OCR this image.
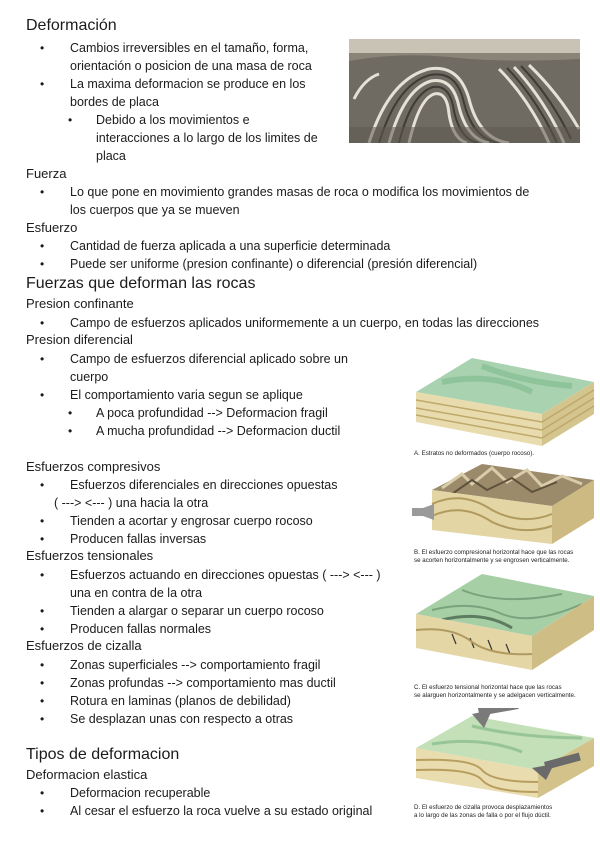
Deformación
• Cambios irreversibles en el tamaño, forma,
orientación o posicion de una masa de roca
• La maxima deformacion se produce en los
bordes de placa
• Debido a los movimientos e
interacciones a lo largo de los limites de
placa
Fuerza
• Lo que pone en movimiento grandes masas de roca o modifica los movimientos de
los cuerpos que ya se mueven
Esfuerzo
• Cantidad de fuerza aplicada a una superficie determinada
• Puede ser uniforme (presion confinante) o diferencial (presión diferencial)
Fuerzas que deforman las rocas
Presion confinante
• Campo de esfuerzos aplicados uniformemente a un cuerpo, en todas las direcciones
Presion diferencial
• Campo de esfuerzos diferencial aplicado sobre un
cuerpo
• El comportamiento varia segun se aplique
• A poca profundidad --> Deformacion fragil
• A mucha profundidad --> Deformacion ductil
Esfuerzos compresivos
• Esfuerzos diferenciales en direcciones opuestas
( ---> <--- ) una hacia la otra
• Tienden a acortar y engrosar cuerpo rocoso
• Producen fallas inversas
Esfuerzos tensionales
• Esfuerzos actuando en direcciones opuestas ( ---> <--- )
una en contra de la otra
• Tienden a alargar o separar un cuerpo rocoso
• Producen fallas normales
Esfuerzos de cizalla
• Zonas superficiales --> comportamiento fragil
• Zonas profundas --> comportamiento mas ductil
• Rotura en laminas (planos de debilidad)
• Se desplazan unas con respecto a otras
Tipos de deformacion
Deformacion elastica
• Deformacion recuperable
• Al cesar el esfuerzo la roca vuelve a su estado original
A. Estratos no deformados (cuerpo rocoso).
B. El esfuerzo compresional horizontal hace que las rocas
se acorten horizontalmente y se engrosen verticalmente.
C. El esfuerzo tensional horizontal hace que las rocas
se alarguen horizontalmente y se adelgacen verticalmente.
D. El esfuerzo de cizalla provoca desplazamientos
a lo largo de las zonas de falla o por el flujo dúctil.
